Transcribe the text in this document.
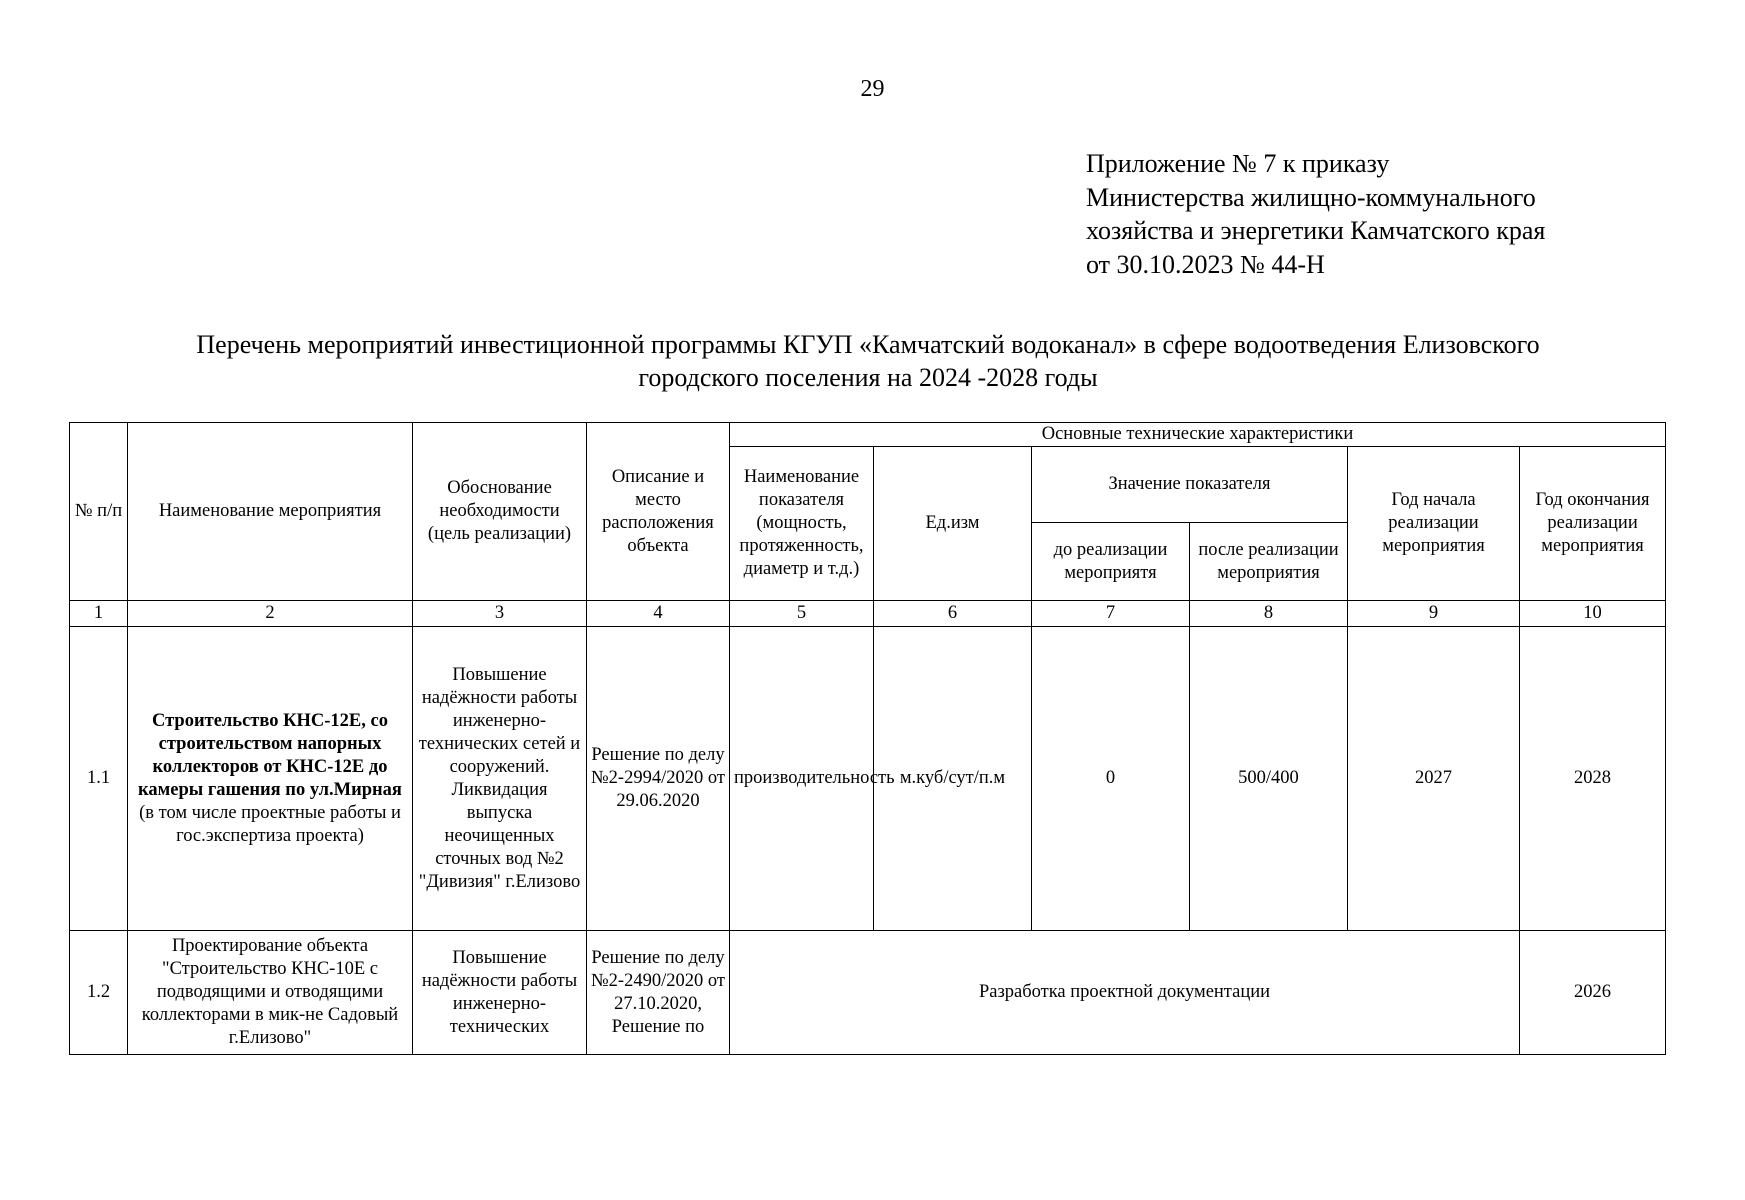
29
Приложение № 7 к приказу
Министерства жилищно-коммунального
хозяйства и энергетики Камчатского края
от 30.10.2023 № 44-Н
Перечень мероприятий инвестиционной программы КГУП «Камчатский водоканал» в сфере водоотведения Елизовского
городского поселения на 2024 -2028 годы
№ п/п	Наименование мероприятия	Обоснование необходимости (цель реализации)	Описание и место расположения объекта	Основные технические характеристики						
				Наименование показателя (мощность, протяженность, диаметр и т.д.)	Ед.изм	Значение показателя		Год начала реализации мероприятия	Год окончания реализации мероприятия	
						до реализации мероприятя	после реализации мероприятия			
1	2	3	4	5	6	7	8	9	10	
1.1	Строительство КНС-12Е, со строительством напорных коллекторов от КНС-12Е до камеры гашения по ул.Мирная (в том числе проектные работы и гос.экспертиза проекта)	Повышение надёжности работы инженерно-технических сетей и сооружений. Ликвидация выпуска неочищенных сточных вод №2 "Дивизия" г.Елизово	Решение по делу №2-2994/2020 от 29.06.2020	производительность	м.куб/сут/п.м	0	500/400	2027	2028	
1.2	Проектирование объекта "Строительство КНС-10Е с подводящими и отводящими коллекторами в мик-не Садовый г.Елизово"	Повышение надёжности работы инженерно-технических	Решение по делу №2-2490/2020 от 27.10.2020, Решение по	Разработка проектной документации					2026	
